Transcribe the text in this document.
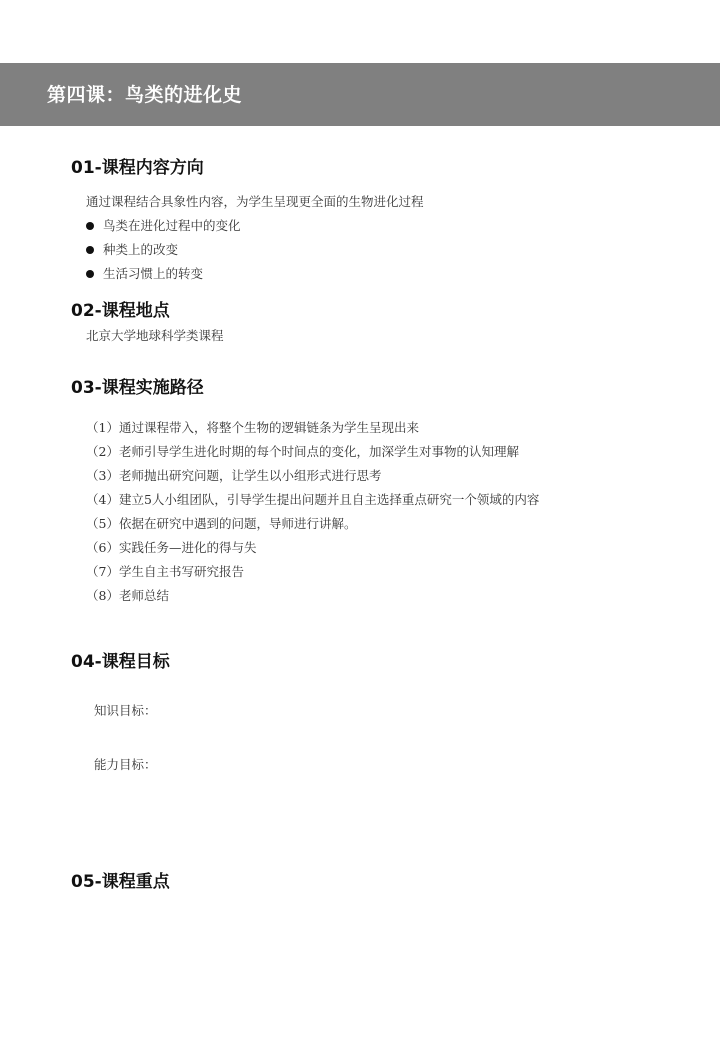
第四课：鸟类的进化史
01-课程内容方向
通过课程结合具象性内容，为学生呈现更全面的生物进化过程
鸟类在进化过程中的变化
种类上的改变
生活习惯上的转变
02-课程地点
北京大学地球科学类课程
03-课程实施路径
（1）通过课程带入，将整个生物的逻辑链条为学生呈现出来
（2）老师引导学生进化时期的每个时间点的变化，加深学生对事物的认知理解
（3）老师抛出研究问题，让学生以小组形式进行思考
（4）建立5人小组团队，引导学生提出问题并且自主选择重点研究一个领域的内容
（5）依据在研究中遇到的问题，导师进行讲解。
（6）实践任务—进化的得与失
（7）学生自主书写研究报告
（8）老师总结
04-课程目标
知识目标：
能力目标：
05-课程重点
